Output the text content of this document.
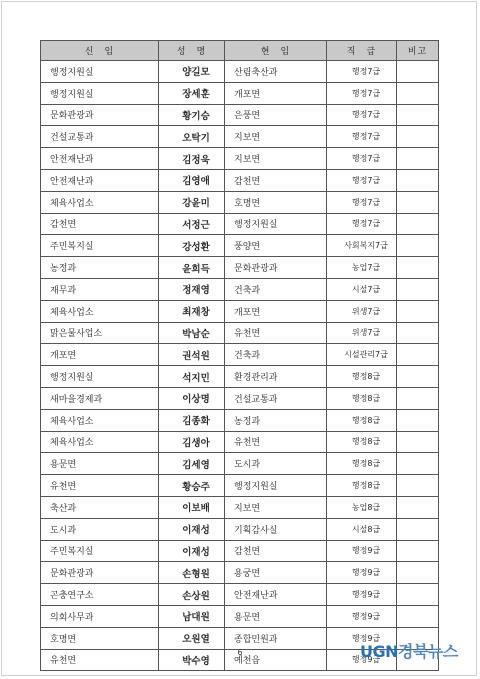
신　임	성　명	현　임	직　급	비고
행정지원실	양길모	산림축산과	행정7급	
행정지원실	장세훈	개포면	행정7급	
문화관광과	황기승	은풍면	행정7급	
건설교통과	오탁기	지보면	행정7급	
안전재난과	김정욱	지보면	행정7급	
안전재난과	김영애	감천면	행정7급	
체육사업소	강윤미	호명면	행정7급	
감천면	서정근	행정지원실	행정7급	
주민복지실	강성환	풍양면	사회복지7급	
농정과	윤희득	문화관광과	농업7급	
재무과	정재영	건축과	시설7급	
체육사업소	최재창	개포면	위생7급	
맑은물사업소	박남순	유천면	위생7급	
개포면	권석원	건축과	시설관리7급	
행정지원실	석지민	환경관리과	행정8급	
새마을경제과	이상명	건설교통과	행정8급	
체육사업소	김종화	농정과	행정8급	
체육사업소	김생아	유천면	행정8급	
용문면	김세영	도시과	행정8급	
유천면	황승주	행정지원실	행정8급	
축산과	이보배	지보면	농업8급	
도시과	이재성	기획감사실	시설8급	
주민복지실	이재성	감천면	행정9급	
문화관광과	손형원	용궁면	행정9급	
곤충연구소	손상원	안전재난과	행정9급	
의회사무과	남대원	용문면	행정9급	
호명면	오원열	종합민원과	행정9급	
유천면	박수영	예천읍	행정9급	
6	UGN경북뉴스
